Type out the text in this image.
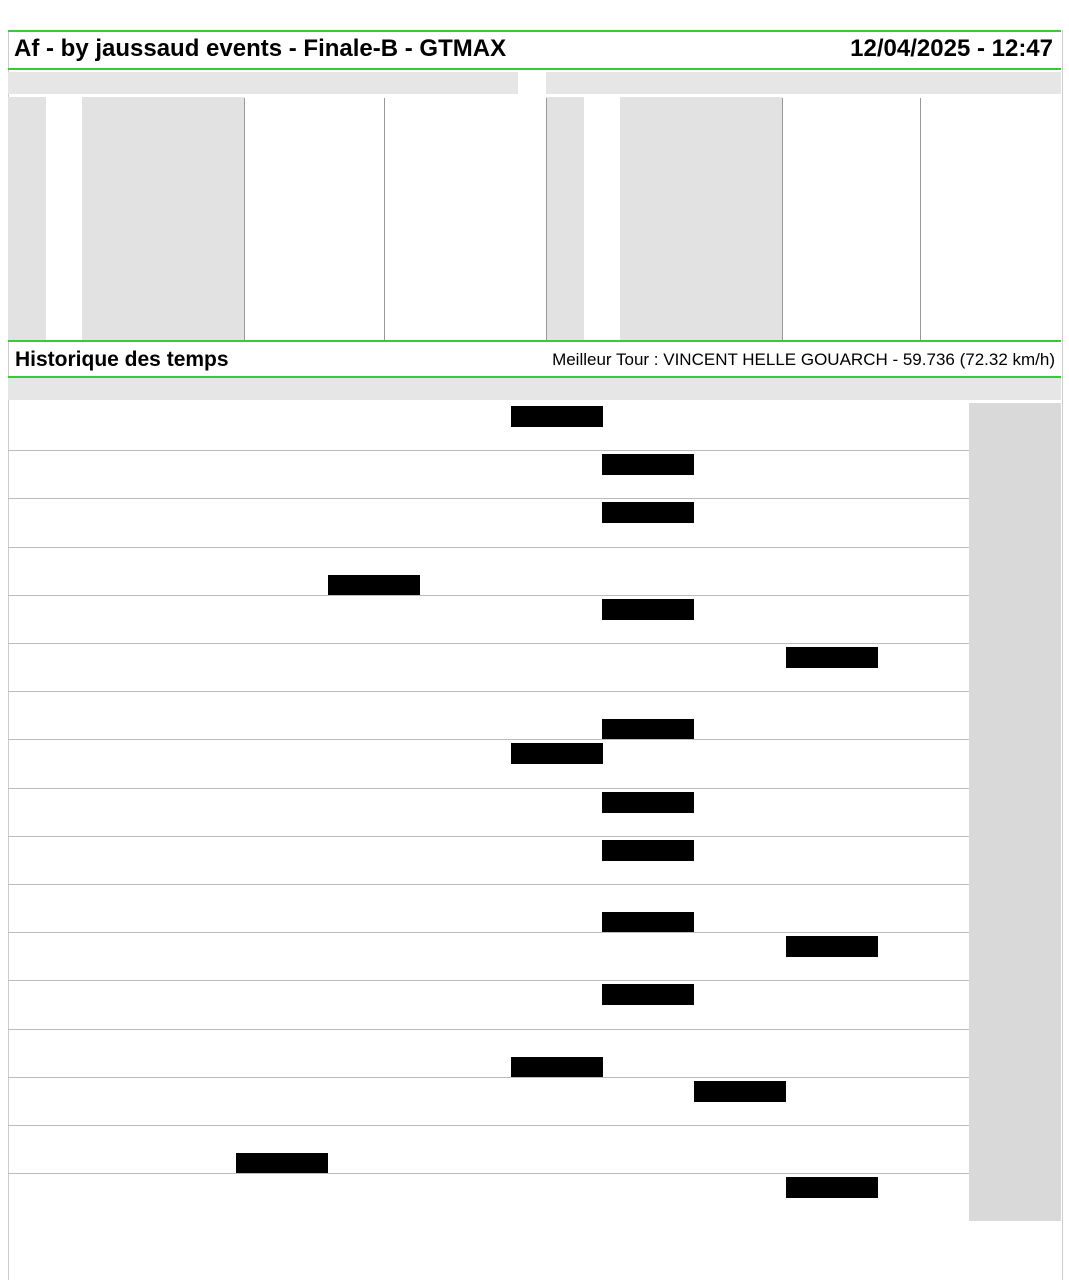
Af - by jaussaud events - Finale-B - GTMAX	12/04/2025 - 12:47
Historique des temps	Meilleur Tour : VINCENT HELLE GOUARCH - 59.736 (72.32 km/h)
